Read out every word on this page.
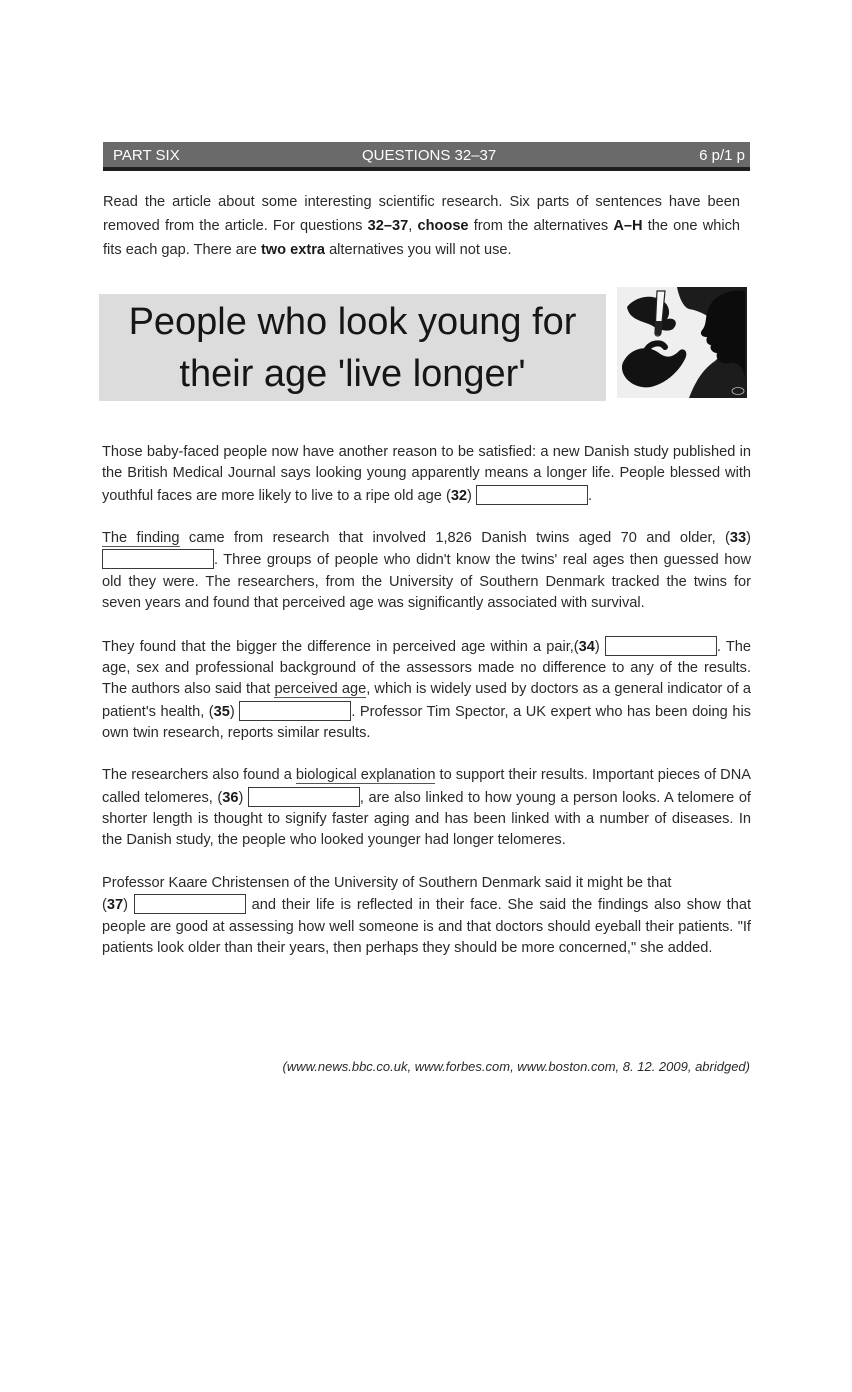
PART SIX	QUESTIONS 32–37	6 p/1 p
Read the article about some interesting scientific research. Six parts of sentences have been removed from the article. For questions 32–37, choose from the alternatives A–H the one which fits each gap. There are two extra alternatives you will not use.
People who look young for
their age 'live longer'

Those baby-faced people now have another reason to be satisfied: a new Danish study published in the British Medical Journal says looking young apparently means a longer life. People blessed with youthful faces are more likely to live to a ripe old age (32)	.

The finding came from research that involved 1,826 Danish twins aged 70 and older, (33) . Three groups of people who didn't know the twins' real ages then guessed how old they were. The researchers, from the University of Southern Denmark tracked the twins for seven years and found that perceived age was significantly associated with survival.

They found that the bigger the difference in perceived age within a pair,(34)	. The age, sex and professional background of the assessors made no difference to any of the results. The authors also said that perceived age, which is widely used by doctors as a general indicator of a patient's health, (35)	. Professor Tim Spector, a UK expert who has been doing his own twin research, reports similar results.

The researchers also found a biological explanation to support their results. Important pieces of DNA called telomeres, (36)	, are also linked to how young a person looks. A telomere of shorter length is thought to signify faster aging and has been linked with a number of diseases. In the Danish study, the people who looked younger had longer telomeres.

Professor Kaare Christensen of the University of Southern Denmark said it might be that
(37)	and their life is reflected in their face. She said the findings also show that people are good at assessing how well someone is and that doctors should eyeball their patients. "If patients look older than their years, then perhaps they should be more concerned," she added.

(www.news.bbc.co.uk, www.forbes.com, www.boston.com, 8. 12. 2009, abridged)
